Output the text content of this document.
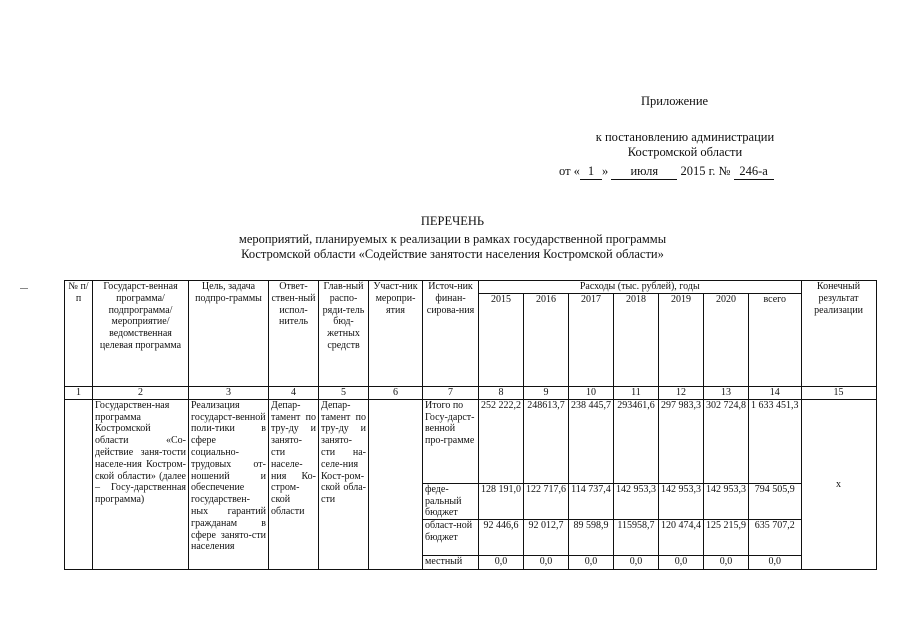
Приложение
к постановлению администрации
Костромской области
от « 1 » июля 2015 г. № 246-а
ПЕРЕЧЕНЬ
мероприятий, планируемых к реализации в рамках государственной программы
Костромской области «Содействие занятости населения Костромской области»
№ п/п	Государст-венная программа/ подпрограмма/ мероприятие/ ведомственная целевая программа	Цель, задача подпро-граммы	Ответ-ствен-ный испол-нитель	Глав-ный распо-ряди-тель бюд-жетных средств	Участ-ник меропри-ятия	Источ-ник финан-сирова-ния	Расходы (тыс. рублей), годы							Конечный результат реализации
							2015	2016	2017	2018	2019	2020	всего	
1	2	3	4	5	6	7	8	9	10	11	12	13	14	15
	Государствен-ная программа Костромской области «Со-действие заня-тости населе-ния Костром-ской области» (далее – Госу-дарственная программа)	Реализация государст-венной поли-тики в сфере социально-трудовых от-ношений и обеспечение государствен-ных гарантий гражданам в сфере занято-сти населения	Депар-тамент по тру-ду и занято-сти населе-ния Ко-стром-ской области	Депар-тамент по тру-ду и занято-сти на-селе-ния Кост-ром-ской обла-сти		Итого по Госу-дарст-венной про-грамме	252 222,2	248613,7	238 445,7	293461,6	297 983,3	302 724,8	1 633 451,3	х
						феде-ральный бюджет	128 191,0	122 717,6	114 737,4	142 953,3	142 953,3	142 953,3	794 505,9	
						област-ной бюджет	92 446,6	92 012,7	89 598,9	115958,7	120 474,4	125 215,9	635 707,2	
						местный	0,0	0,0	0,0	0,0	0,0	0,0	0,0	
